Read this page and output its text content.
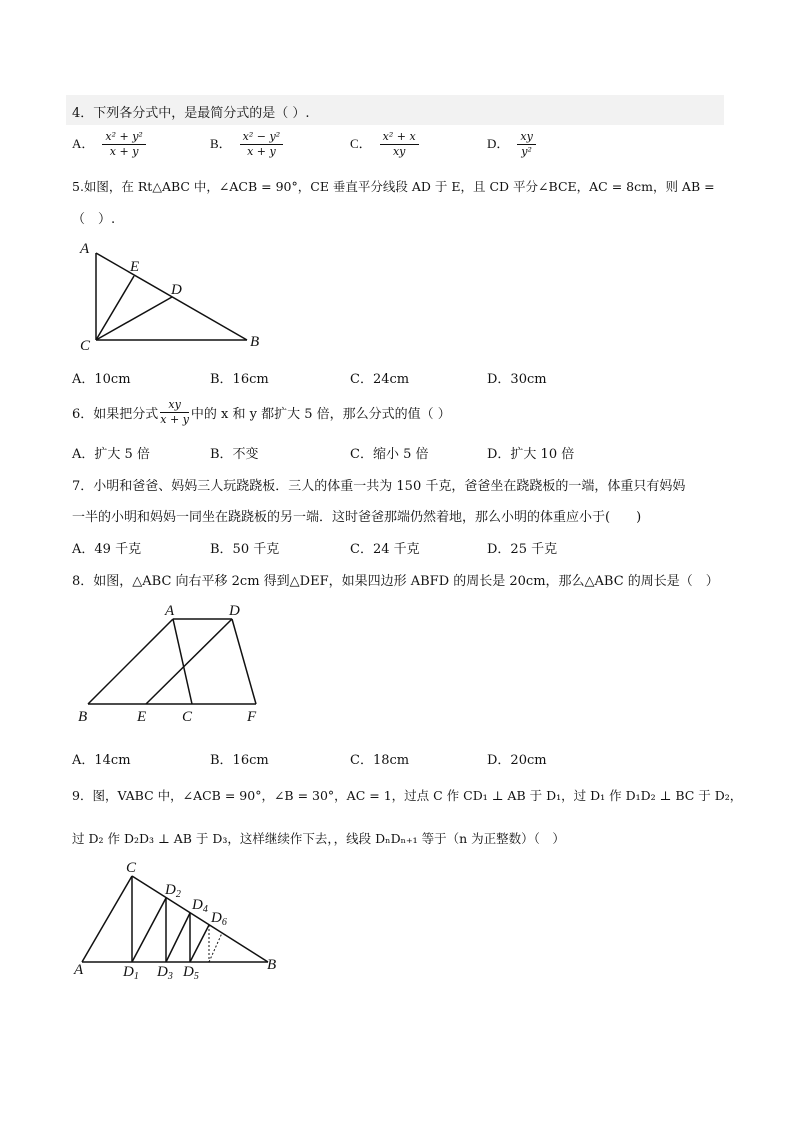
4．下列各分式中，是最简分式的是（ ）.
A． $\frac{\text{x² + y²}}{x + y}$	B． $\frac{\text{x² − y²}}{x + y}$	C． $\frac{\text{x² + x}}{xy}$	D． $\frac{xy}{\text{y²}}$
5.如图，在 Rt△ABC 中，∠ACB = 90°，CE 垂直平分线段 AD 于 E，且 CD 平分∠BCE，AC = 8cm，则 AB =
（　）.
A
E
D
C	B
A．10cm	B．16cm	C．24cm	D．30cm
6．如果把分式 $\frac{xy}{x + y}$ 中的 x 和 y 都扩大 5 倍，那么分式的值（ ）
A．扩大 5 倍	B．不变	C．缩小 5 倍	D．扩大 10 倍
7．小明和爸爸、妈妈三人玩跷跷板．三人的体重一共为 150 千克，爸爸坐在跷跷板的一端，体重只有妈妈
一半的小明和妈妈一同坐在跷跷板的另一端．这时爸爸那端仍然着地，那么小明的体重应小于(　　)
A．49 千克	B．50 千克	C．24 千克	D．25 千克
8．如图，△ABC 向右平移 2cm 得到△DEF，如果四边形 ABFD 的周长是 20cm，那么△ABC 的周长是（　）
A	D
B	E C	F
A．14cm	B．16cm	C．18cm	D．20cm
9．图，VABC 中，∠ACB = 90°，∠B = 30°，AC = 1，过点 C 作 CD₁ ⊥ AB 于 D₁，过 D₁ 作 D₁D₂ ⊥ BC 于 D₂，
过 D₂ 作 D₂D₃ ⊥ AB 于 D₃，这样继续作下去，，线段 DₙDₙ₊₁ 等于（n 为正整数）（　）
C
A	B
$D_2$
$D_4$
$D_6$
$D_1$ $D_3$ $D_5$
